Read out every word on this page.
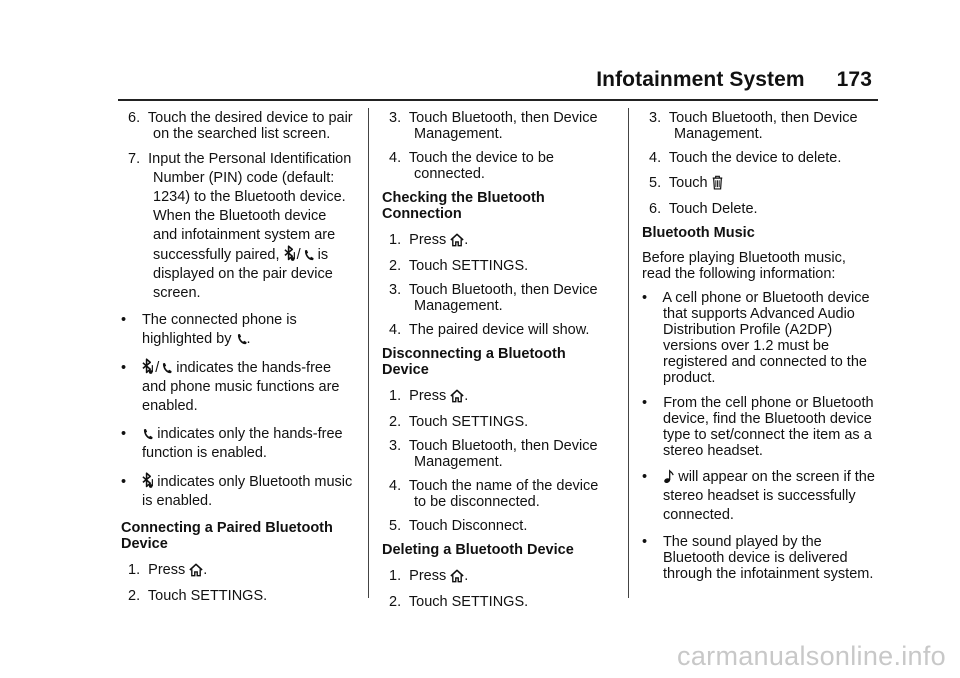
Infotainment System 173
6. Touch the desired device to pair on the searched list screen.
7. Input the Personal Identification Number (PIN) code (default: 1234) to the Bluetooth device. When the Bluetooth device and infotainment system are successfully paired, / is displayed on the pair device screen.
• The connected phone is highlighted by .
• / indicates the hands-free and phone music functions are enabled.
• indicates only the hands-free function is enabled.
• indicates only Bluetooth music is enabled.
Connecting a Paired Bluetooth Device
1. Press .
2. Touch SETTINGS.
3. Touch Bluetooth, then Device Management.
4. Touch the device to be connected.
Checking the Bluetooth Connection
1. Press .
2. Touch SETTINGS.
3. Touch Bluetooth, then Device Management.
4. The paired device will show.
Disconnecting a Bluetooth Device
1. Press .
2. Touch SETTINGS.
3. Touch Bluetooth, then Device Management.
4. Touch the name of the device to be disconnected.
5. Touch Disconnect.
Deleting a Bluetooth Device
1. Press .
2. Touch SETTINGS.
3. Touch Bluetooth, then Device Management.
4. Touch the device to delete.
5. Touch
6. Touch Delete.
Bluetooth Music
Before playing Bluetooth music, read the following information:
• A cell phone or Bluetooth device that supports Advanced Audio Distribution Profile (A2DP) versions over 1.2 must be registered and connected to the product.
• From the cell phone or Bluetooth device, find the Bluetooth device type to set/connect the item as a stereo headset.
• will appear on the screen if the stereo headset is successfully connected.
• The sound played by the Bluetooth device is delivered through the infotainment system.
carmanualsonline.info
